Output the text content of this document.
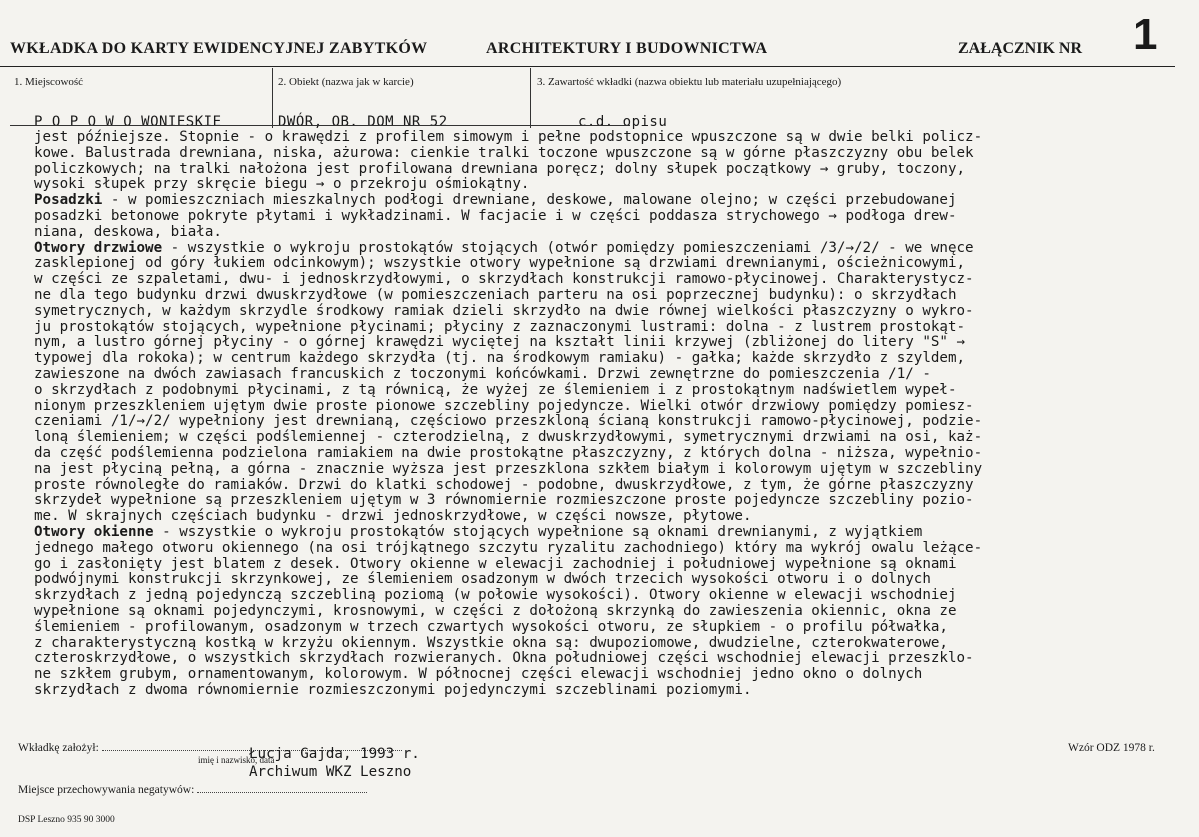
WKŁADKA DO KARTY EWIDENCYJNEJ ZABYTKÓW	ARCHITEKTURY I BUDOWNICTWA	ZAŁĄCZNIK NR 1
1. Miejscowość	2. Obiekt (nazwa jak w karcie)	3. Zawartość wkładki (nazwa obiektu lub materiału uzupełniającego)
P O P O W O WONIESKIE	DWÓR, OB. DOM NR 52	c.d. opisu

jest późniejsze. Stopnie - o krawędzi z profilem simowym i pełne podstopnice wpuszczone są w dwie belki policz-

kowe. Balustrada drewniana, niska, ażurowa: cienkie tralki toczone wpuszczone są w górne płaszczyzny obu belek

policzkowych; na tralki nałożona jest profilowana drewniana poręcz; dolny słupek początkowy → gruby, toczony,

wysoki słupek przy skręcie biegu → o przekroju ośmiokątny.

Posadzki - w pomieszczniach mieszkalnych podłogi drewniane, deskowe, malowane olejno; w części przebudowanej

posadzki betonowe pokryte płytami i wykładzinami. W facjacie i w części poddasza strychowego → podłoga drew-

niana, deskowa, biała.

Otwory drzwiowe - wszystkie o wykroju prostokątów stojących (otwór pomiędzy pomieszczeniami /3/→/2/ - we wnęce

zasklepionej od góry łukiem odcinkowym); wszystkie otwory wypełnione są drzwiami drewnianymi, ościeżnicowymi,

w części ze szpaletami, dwu- i jednoskrzydłowymi, o skrzydłach konstrukcji ramowo-płycinowej. Charakterystycz-

ne dla tego budynku drzwi dwuskrzydłowe (w pomieszczeniach parteru na osi poprzecznej budynku): o skrzydłach

symetrycznych, w każdym skrzydle środkowy ramiak dzieli skrzydło na dwie równej wielkości płaszczyzny o wykro-

ju prostokątów stojących, wypełnione płycinami; płyciny z zaznaczonymi lustrami: dolna - z lustrem prostokąt-

nym, a lustro górnej płyciny - o górnej krawędzi wyciętej na kształt linii krzywej (zbliżonej do litery "S" →

typowej dla rokoka); w centrum każdego skrzydła (tj. na środkowym ramiaku) - gałka; każde skrzydło z szyldem,

zawieszone na dwóch zawiasach francuskich z toczonymi końcówkami. Drzwi zewnętrzne do pomieszczenia /1/ -

o skrzydłach z podobnymi płycinami, z tą równicą, że wyżej ze ślemieniem i z prostokątnym nadświetlem wypeł-

nionym przeszkleniem ujętym dwie proste pionowe szczebliny pojedyncze. Wielki otwór drzwiowy pomiędzy pomiesz-

czeniami /1/→/2/ wypełniony jest drewnianą, częściowo przeszkloną ścianą konstrukcji ramowo-płycinowej, podzie-

loną ślemieniem; w części podślemiennej - czterodzielną, z dwuskrzydłowymi, symetrycznymi drzwiami na osi, każ-

da część podślemienna podzielona ramiakiem na dwie prostokątne płaszczyzny, z których dolna - niższa, wypełnio-

na jest płyciną pełną, a górna - znacznie wyższa jest przeszklona szkłem białym i kolorowym ujętym w szczebliny

proste równoległe do ramiaków. Drzwi do klatki schodowej - podobne, dwuskrzydłowe, z tym, że górne płaszczyzny

skrzydeł wypełnione są przeszkleniem ujętym w 3 równomiernie rozmieszczone proste pojedyncze szczebliny pozio-

me. W skrajnych częściach budynku - drzwi jednoskrzydłowe, w części nowsze, płytowe.

Otwory okienne - wszystkie o wykroju prostokątów stojących wypełnione są oknami drewnianymi, z wyjątkiem

jednego małego otworu okiennego (na osi trójkątnego szczytu ryzalitu zachodniego) który ma wykrój owalu leżące-

go i zasłonięty jest blatem z desek. Otwory okienne w elewacji zachodniej i południowej wypełnione są oknami

podwójnymi konstrukcji skrzynkowej, ze ślemieniem osadzonym w dwóch trzecich wysokości otworu i o dolnych

skrzydłach z jedną pojedynczą szczebliną poziomą (w połowie wysokości). Otwory okienne w elewacji wschodniej

wypełnione są oknami pojedynczymi, krosnowymi, w części z dołożoną skrzynką do zawieszenia okiennic, okna ze

ślemieniem - profilowanym, osadzonym w trzech czwartych wysokości otworu, ze słupkiem - o profilu półwałka,

z charakterystyczną kostką w krzyżu okiennym. Wszystkie okna są: dwupoziomowe, dwudzielne, czterokwaterowe,

czteroskrzydłowe, o wszystkich skrzydłach rozwieranych. Okna południowej części wschodniej elewacji przeszklo-

ne szkłem grubym, ornamentowanym, kolorowym. W północnej części elewacji wschodniej jedno okno o dolnych

skrzydłach z dwoma równomiernie rozmieszczonymi pojedynczymi szczeblinami poziomymi.

Wkładkę założył:
imię i nazwisko, data
Łucja Gajda, 1993 r.
Archiwum WKZ Leszno
Wzór ODZ 1978 r.
Miejsce przechowywania negatywów:
DSP Leszno 935 90 3000
